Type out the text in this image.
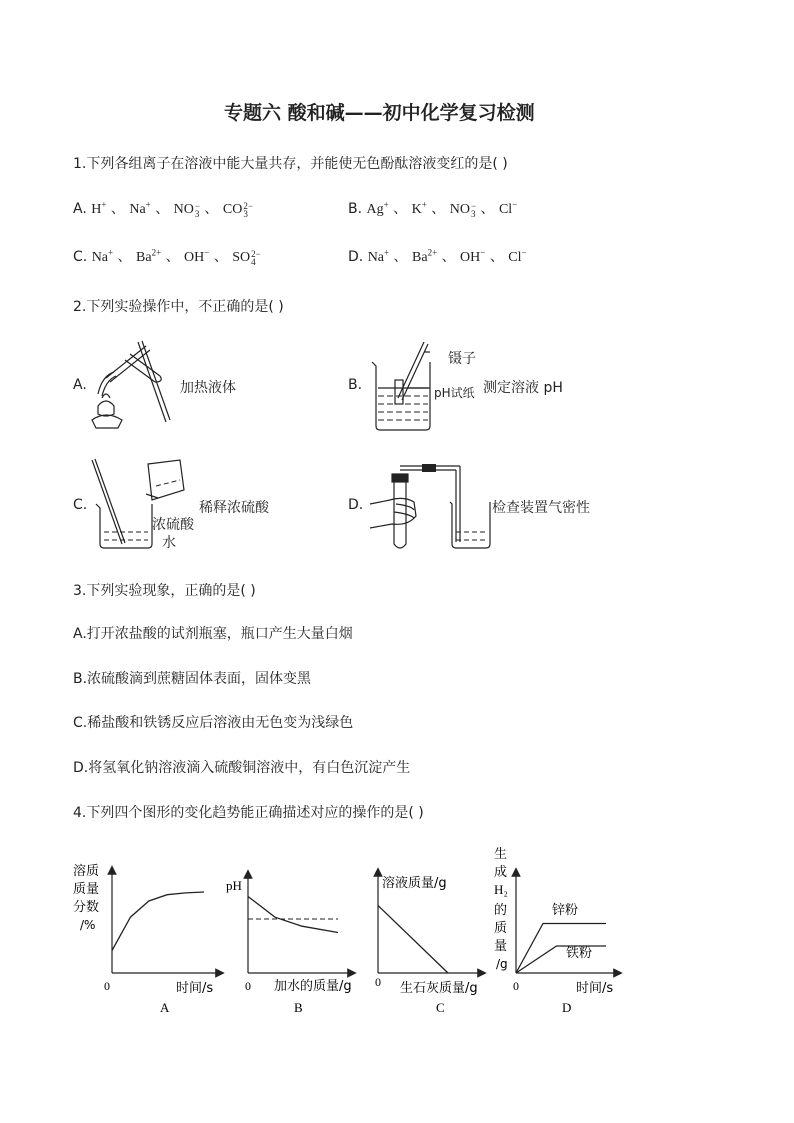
专题六 酸和碱——初中化学复习检测
1.下列各组离子在溶液中能大量共存，并能使无色酚酞溶液变红的是( )
A. H+ 、 Na+ 、 NO −
3 、 CO 2−
3	B. Ag+ 、 K+ 、 NO −
3 、 Cl−
C. Na+ 、 $Ba^{2+}$ 、 OH− 、 SO 2−
4	D. Na+ 、 $Ba^{2+}$ 、 OH− 、 Cl−
2.下列实验操作中，不正确的是( )
A.	加热液体	B.
镊子
pH试纸 测定溶液 pH
C.
浓硫酸
水
稀释浓硫酸	D.	检查装置气密性
3.下列实验现象，正确的是( )
A.打开浓盐酸的试剂瓶塞，瓶口产生大量白烟
B.浓硫酸滴到蔗糖固体表面，固体变黑
C.稀盐酸和铁锈反应后溶液由无色变为浅绿色
D.将氢氧化钠溶液滴入硫酸铜溶液中，有白色沉淀产生
4.下列四个图形的变化趋势能正确描述对应的操作的是( )
溶质
质量
分数
/%
0	时间/s
A
pH
0 加水的质量/g
B
溶液质量/g
0 生石灰质量/g
C
生
成
H₂
的
质
量
/g
锌粉
铁粉
0	时间/s
D
